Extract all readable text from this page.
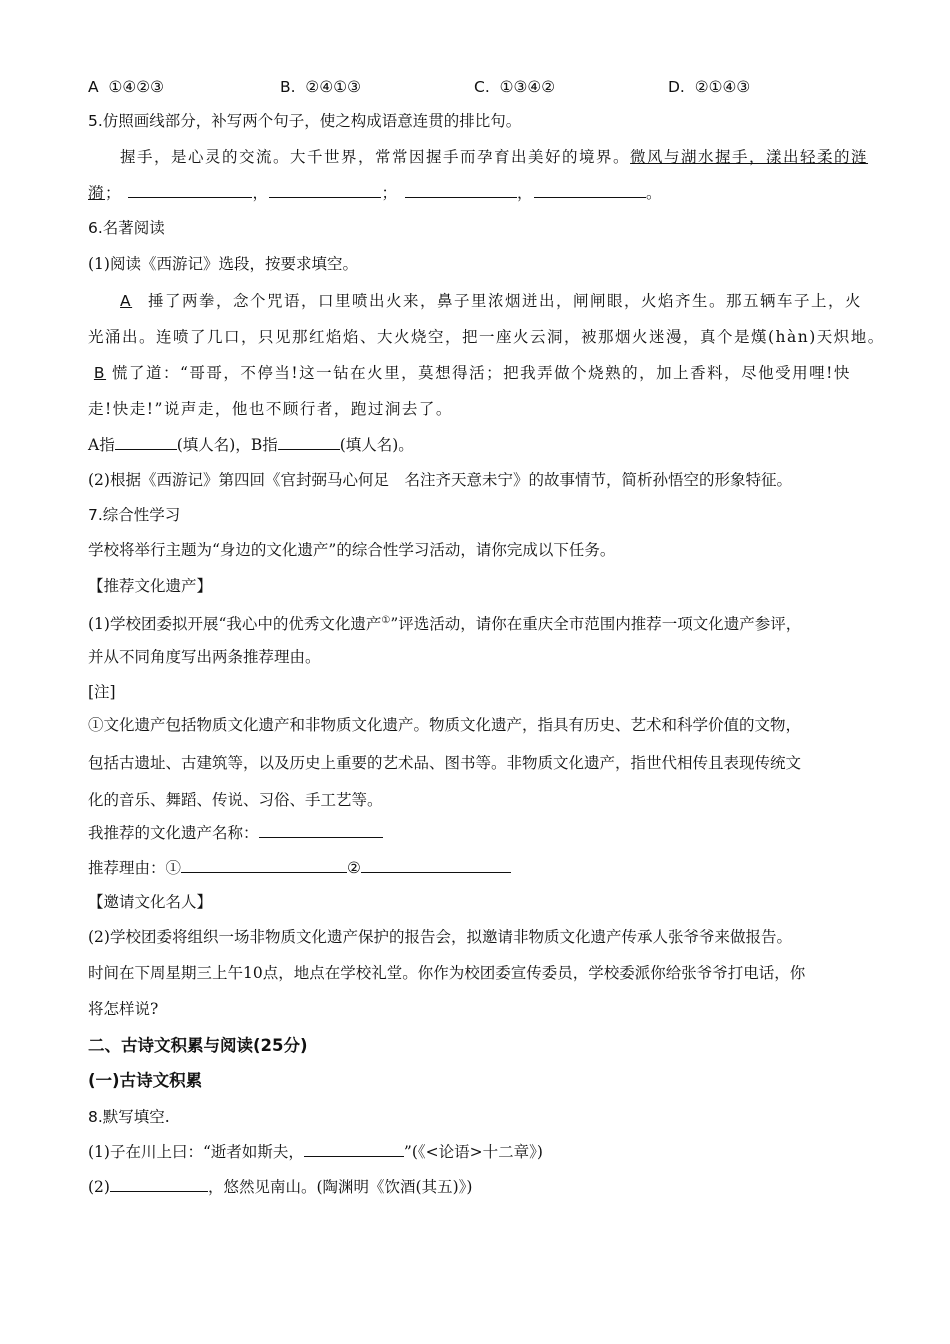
A ①④②③	B. ②④①③	C. ①③④②	D. ②①④③
5.仿照画线部分，补写两个句子，使之构成语意连贯的排比句。
握手，是心灵的交流。大千世界，常常因握手而孕育出美好的境界。微风与湖水握手，漾出轻柔的涟
漪；	，	；	，	。
6.名著阅读
(1)阅读《西游记》选段，按要求填空。
A 捶了两拳，念个咒语，口里喷出火来，鼻子里浓烟迸出，闸闸眼，火焰齐生。那五辆车子上，火
光涌出。连喷了几口，只见那红焰焰、大火烧空，把一座火云洞，被那烟火迷漫，真个是熯(hàn)天炽地。
B 慌了道：“哥哥，不停当!这一钻在火里，莫想得活；把我弄做个烧熟的，加上香料，尽他受用哩!快
走!快走!”说声走，他也不顾行者，跑过涧去了。
A指	(填人名)，B指	(填人名)。
(2)根据《西游记》第四回《官封弼马心何足　名注齐天意未宁》的故事情节，简析孙悟空的形象特征。
7.综合性学习
学校将举行主题为“身边的文化遗产”的综合性学习活动，请你完成以下任务。
【推荐文化遗产】
(1)学校团委拟开展“我心中的优秀文化遗产①”评选活动，请你在重庆全市范围内推荐一项文化遗产参评，
并从不同角度写出两条推荐理由。
[注]
①文化遗产包括物质文化遗产和非物质文化遗产。物质文化遗产，指具有历史、艺术和科学价值的文物，
包括古遗址、古建筑等，以及历史上重要的艺术品、图书等。非物质文化遗产，指世代相传且表现传统文
化的音乐、舞蹈、传说、习俗、手工艺等。
我推荐的文化遗产名称：
推荐理由：①	②
【邀请文化名人】
(2)学校团委将组织一场非物质文化遗产保护的报告会，拟邀请非物质文化遗产传承人张爷爷来做报告。
时间在下周星期三上午10点，地点在学校礼堂。你作为校团委宣传委员，学校委派你给张爷爷打电话，你
将怎样说?
二、古诗文积累与阅读(25分)
(一)古诗文积累
8.默写填空.
(1)子在川上曰：“逝者如斯夫，	”(《<论语>十二章》)
(2)	，悠然见南山。(陶渊明《饮酒(其五)》)
